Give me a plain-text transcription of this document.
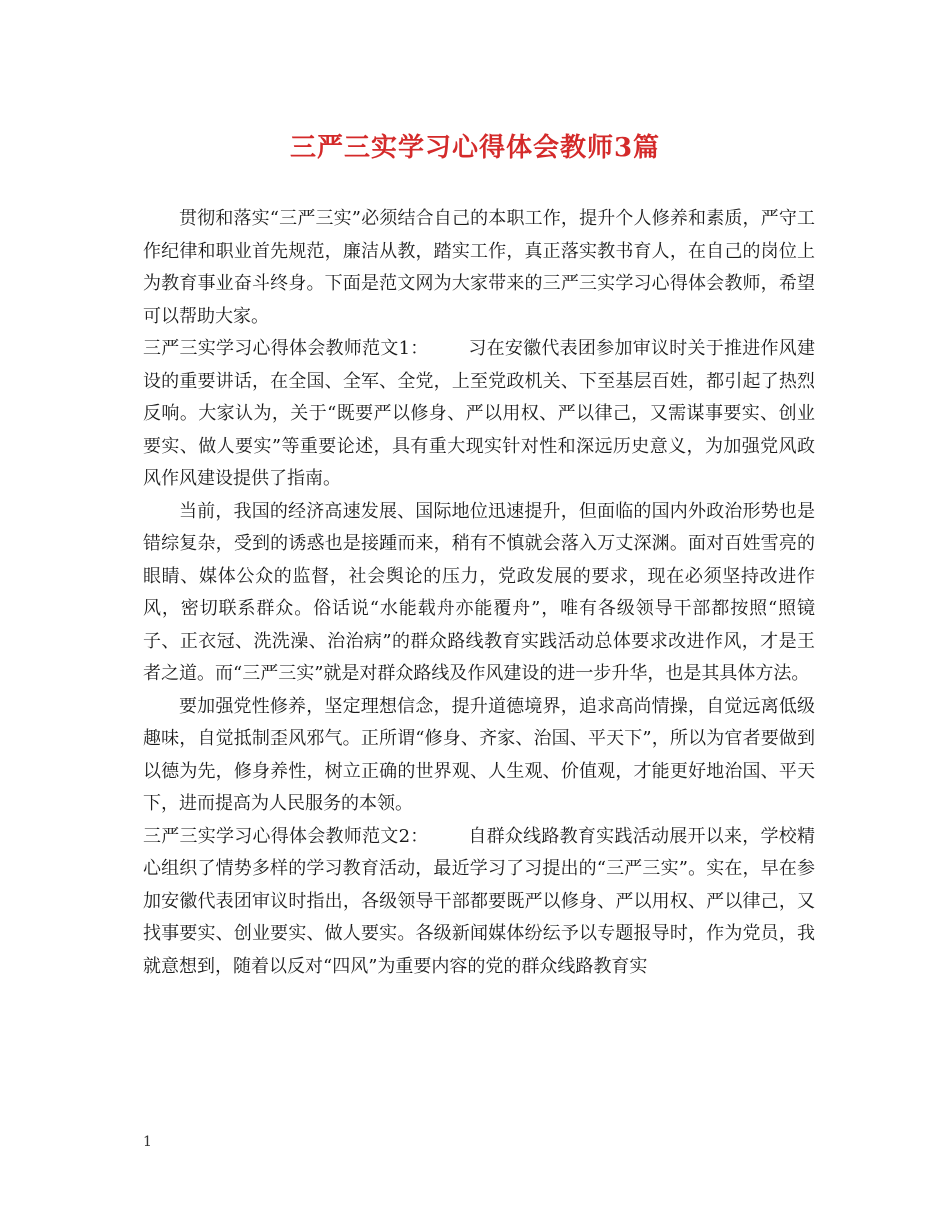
三严三实学习心得体会教师3篇

贯彻和落实“三严三实”必须结合自己的本职工作，提升个人修养和素质，严守工作纪律和职业首先规范，廉洁从教，踏实工作，真正落实教书育人，在自己的岗位上为教育事业奋斗终身。下面是范文网为大家带来的三严三实学习心得体会教师，希望可以帮助大家。

三严三实学习心得体会教师范文1： 习在安徽代表团参加审议时关于推进作风建设的重要讲话，在全国、全军、全党，上至党政机关、下至基层百姓，都引起了热烈反响。大家认为，关于“既要严以修身、严以用权、严以律己，又需谋事要实、创业要实、做人要实”等重要论述，具有重大现实针对性和深远历史意义，为加强党风政风作风建设提供了指南。

当前，我国的经济高速发展、国际地位迅速提升，但面临的国内外政治形势也是错综复杂，受到的诱惑也是接踵而来，稍有不慎就会落入万丈深渊。面对百姓雪亮的眼睛、媒体公众的监督，社会舆论的压力，党政发展的要求，现在必须坚持改进作风，密切联系群众。俗话说“水能载舟亦能覆舟”，唯有各级领导干部都按照“照镜子、正衣冠、洗洗澡、治治病”的群众路线教育实践活动总体要求改进作风，才是王者之道。而“三严三实”就是对群众路线及作风建设的进一步升华，也是其具体方法。

要加强党性修养，坚定理想信念，提升道德境界，追求高尚情操，自觉远离低级趣味，自觉抵制歪风邪气。正所谓“修身、齐家、治国、平天下”，所以为官者要做到以德为先，修身养性，树立正确的世界观、人生观、价值观，才能更好地治国、平天下，进而提高为人民服务的本领。

三严三实学习心得体会教师范文2： 自群众线路教育实践活动展开以来，学校精心组织了情势多样的学习教育活动，最近学习了习提出的“三严三实”。实在，早在参加安徽代表团审议时指出，各级领导干部都要既严以修身、严以用权、严以律己，又找事要实、创业要实、做人要实。各级新闻媒体纷纭予以专题报导时，作为党员，我就意想到，随着以反对“四风”为重要内容的党的群众线路教育实

1
